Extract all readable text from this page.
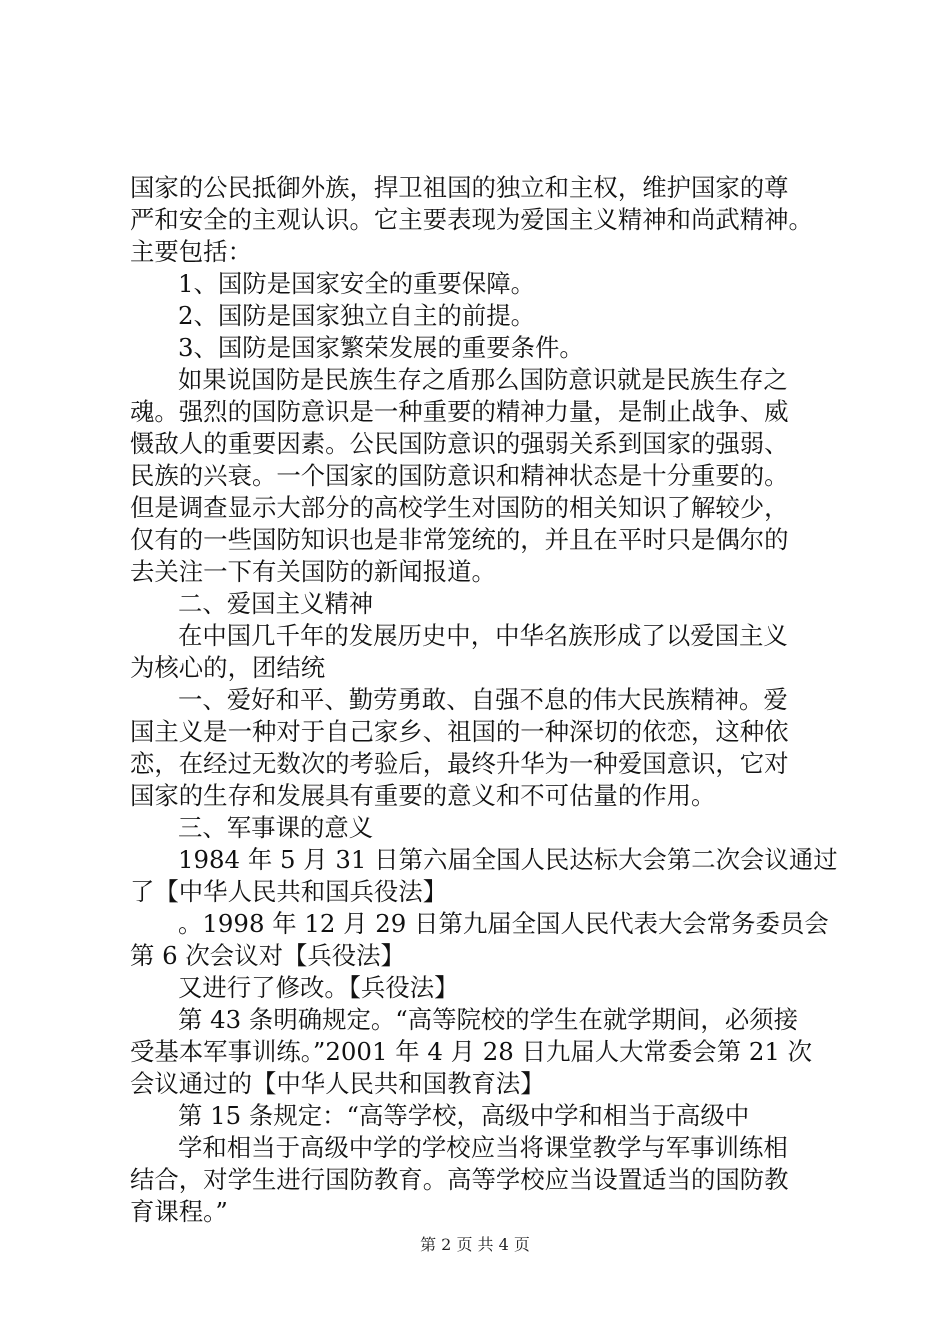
国家的公民抵御外族，捍卫祖国的独立和主权，维护国家的尊
严和安全的主观认识。它主要表现为爱国主义精神和尚武精神。
主要包括：
1、国防是国家安全的重要保障。
2、国防是国家独立自主的前提。
3、国防是国家繁荣发展的重要条件。
如果说国防是民族生存之盾那么国防意识就是民族生存之
魂。强烈的国防意识是一种重要的精神力量，是制止战争、威
慑敌人的重要因素。公民国防意识的强弱关系到国家的强弱、
民族的兴衰。一个国家的国防意识和精神状态是十分重要的。
但是调查显示大部分的高校学生对国防的相关知识了解较少，
仅有的一些国防知识也是非常笼统的，并且在平时只是偶尔的
去关注一下有关国防的新闻报道。
二、爱国主义精神
在中国几千年的发展历史中，中华名族形成了以爱国主义
为核心的，团结统
一、爱好和平、勤劳勇敢、自强不息的伟大民族精神。爱
国主义是一种对于自己家乡、祖国的一种深切的依恋，这种依
恋，在经过无数次的考验后，最终升华为一种爱国意识，它对
国家的生存和发展具有重要的意义和不可估量的作用。
三、军事课的意义
1984 年 5 月 31 日第六届全国人民达标大会第二次会议通过
了【中华人民共和国兵役法】
。1998 年 12 月 29 日第九届全国人民代表大会常务委员会
第 6 次会议对【兵役法】
又进行了修改。【兵役法】
第 43 条明确规定。“高等院校的学生在就学期间，必须接
受基本军事训练。”2001 年 4 月 28 日九届人大常委会第 21 次
会议通过的【中华人民共和国教育法】
第 15 条规定：“高等学校，高级中学和相当于高级中
学和相当于高级中学的学校应当将课堂教学与军事训练相
结合，对学生进行国防教育。高等学校应当设置适当的国防教
育课程。”
第 2 页 共 4 页
